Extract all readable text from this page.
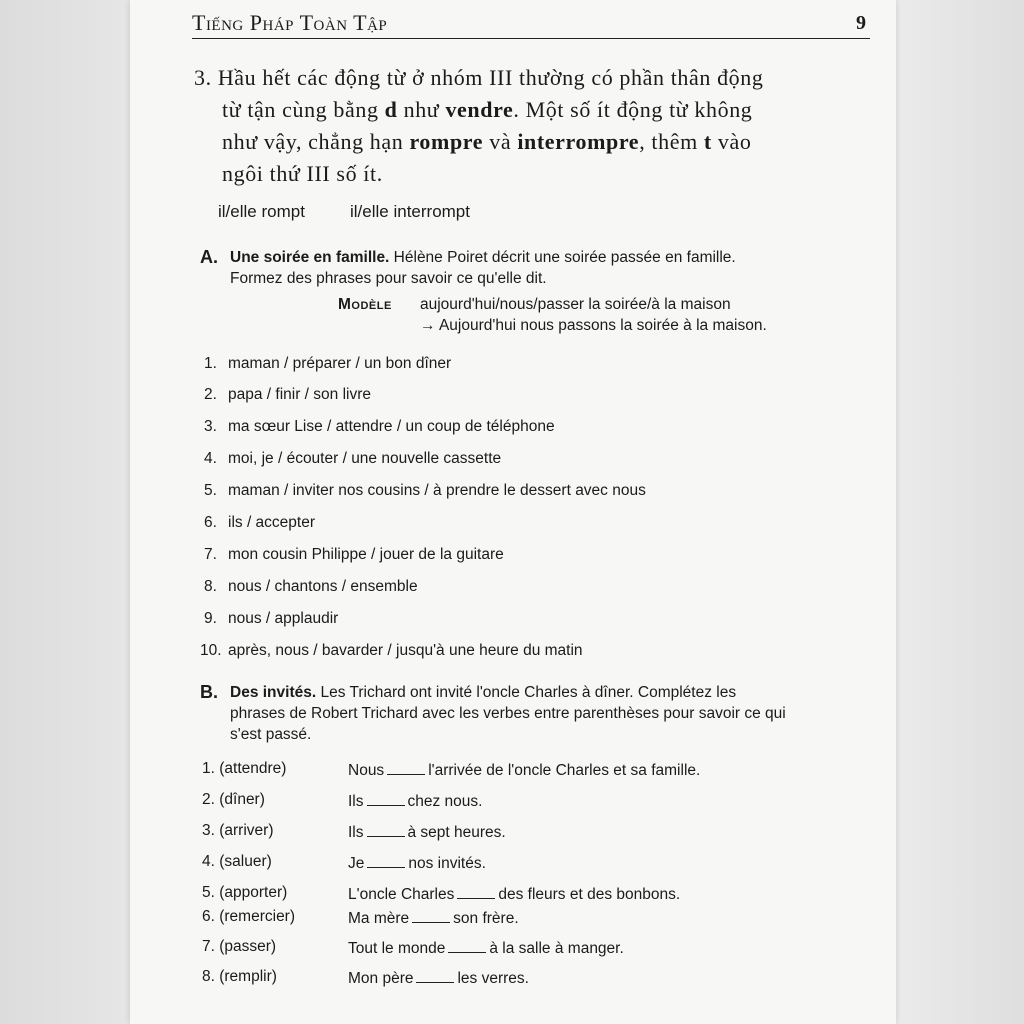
Tiếng Pháp Toàn Tập	9
3. Hầu hết các động từ ở nhóm III thường có phần thân động
từ tận cùng bằng d như vendre. Một số ít động từ không
như vậy, chẳng hạn rompre và interrompre, thêm t vào
ngôi thứ III số ít.
il/elle rompt	il/elle interrompt
A. Une soirée en famille. Hélène Poiret décrit une soirée passée en famille.
Formez des phrases pour savoir ce qu'elle dit.
Modèle aujourd'hui/nous/passer la soirée/à la maison
→ Aujourd'hui nous passons la soirée à la maison.
1. maman / préparer / un bon dîner
2. papa / finir / son livre
3. ma sœur Lise / attendre / un coup de téléphone
4. moi, je / écouter / une nouvelle cassette
5. maman / inviter nos cousins / à prendre le dessert avec nous
6. ils / accepter
7. mon cousin Philippe / jouer de la guitare
8. nous / chantons / ensemble
9. nous / applaudir
10. après, nous / bavarder / jusqu'à une heure du matin
B. Des invités. Les Trichard ont invité l'oncle Charles à dîner. Complétez les
phrases de Robert Trichard avec les verbes entre parenthèses pour savoir ce qui
s'est passé.
1. (attendre)	Nous	l'arrivée de l'oncle Charles et sa famille.
2. (dîner)	Ils	chez nous.
3. (arriver)	Ils	à sept heures.
4. (saluer)	Je	nos invités.
5. (apporter)	L'oncle Charles	des fleurs et des bonbons.
6. (remercier)	Ma mère	son frère.
7. (passer)	Tout le monde	à la salle à manger.
8. (remplir)	Mon père	les verres.
